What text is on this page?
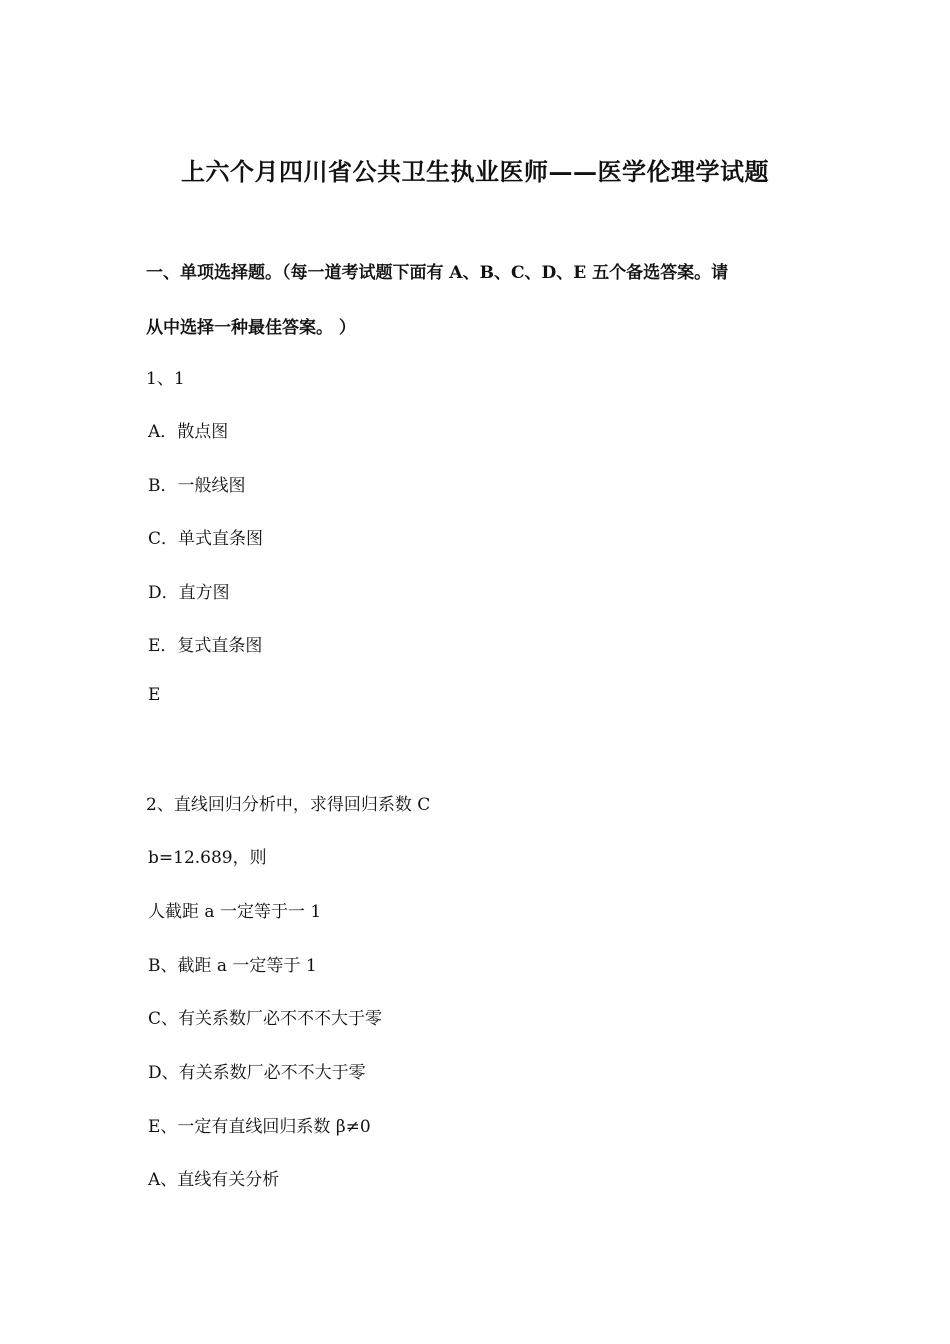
上六个月四川省公共卫生执业医师——医学伦理学试题
一、单项选择题。（每一道考试题下面有 A、B、C、D、E 五个备选答案。请
从中选择一种最佳答案。 ）
1、1
A．散点图
B．一般线图
C．单式直条图
D．直方图
E．复式直条图
E
2、直线回归分析中，求得回归系数 C
b=12.689，则
人截距 a 一定等于一 1
B、截距 a 一定等于 1
C、有关系数厂必不不不大于零
D、有关系数厂必不不大于零
E、一定有直线回归系数 β≠0
A、直线有关分析
